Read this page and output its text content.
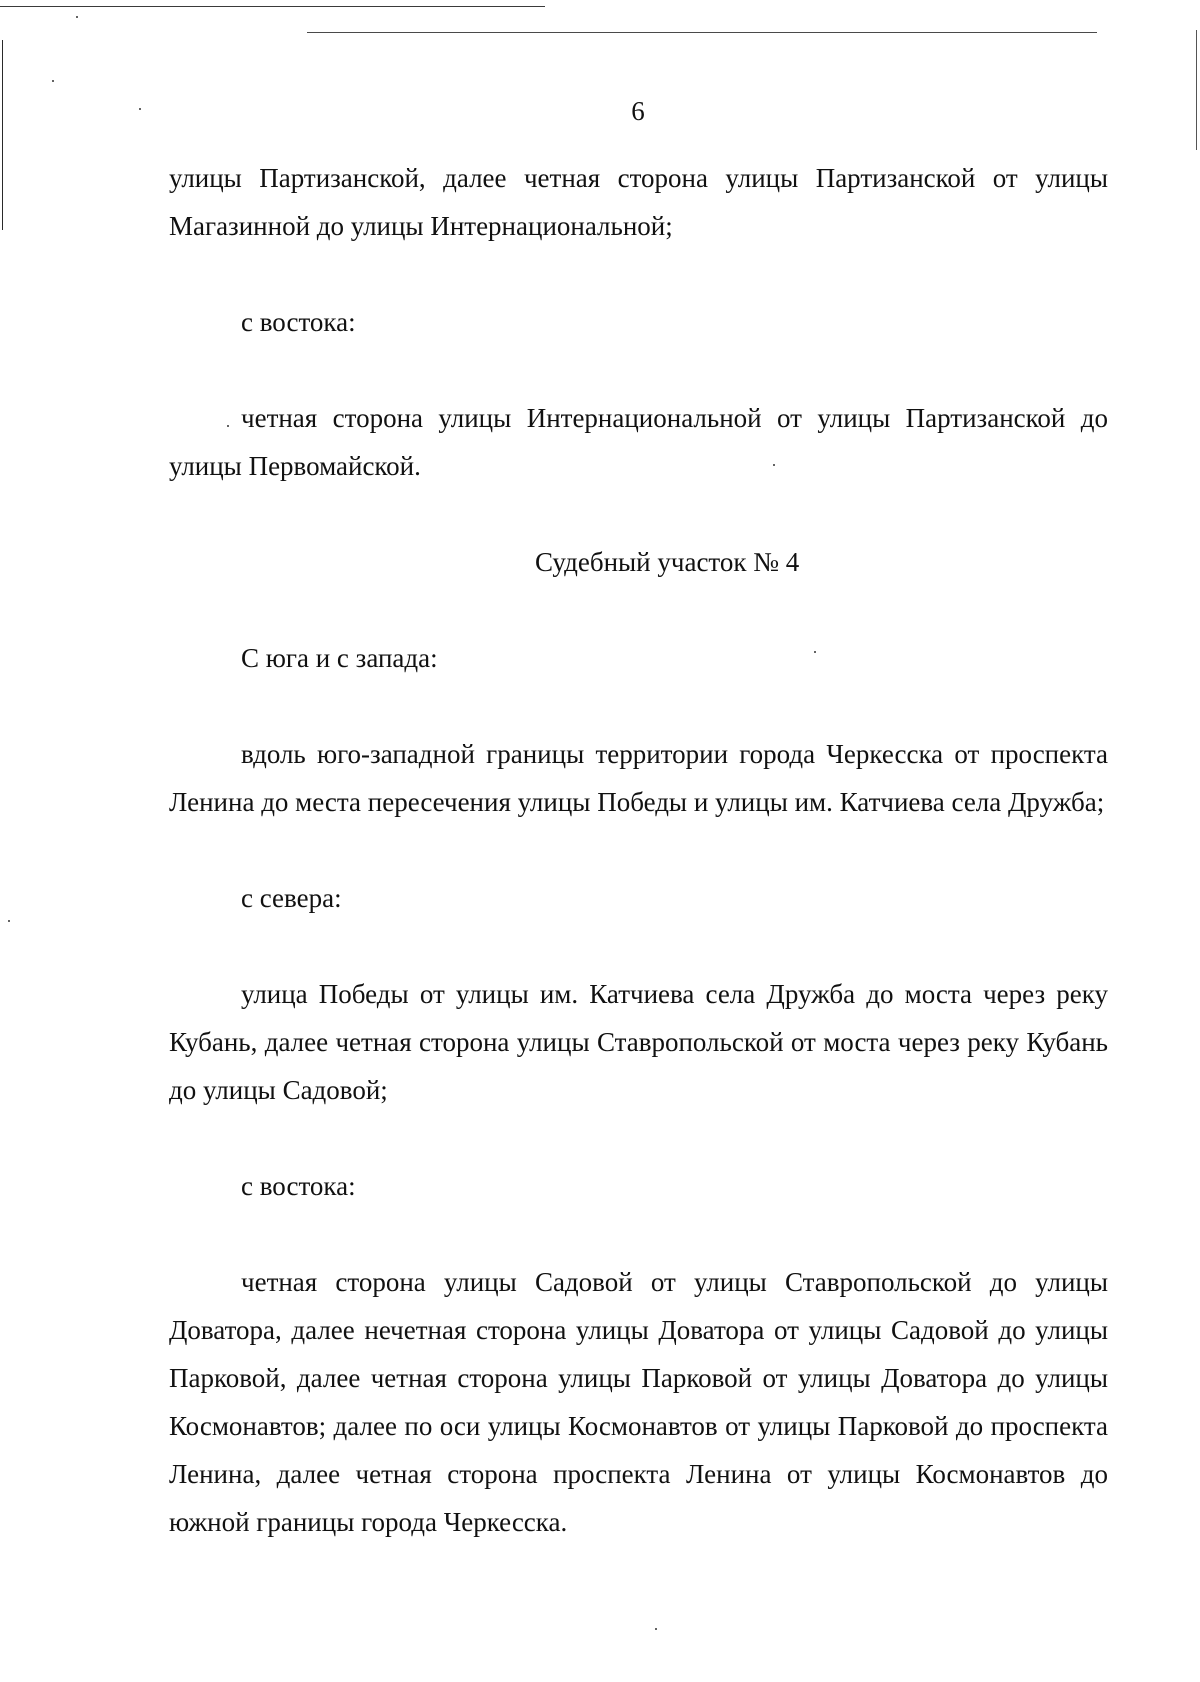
6

улицы Партизанской, далее четная сторона улицы Партизанской от улицы Магазинной до улицы Интернациональной;

с востока:

четная сторона улицы Интернациональной от улицы Партизанской до улицы Первомайской.

Судебный участок № 4

С юга и с запада:

вдоль юго-западной границы территории города Черкесска от проспекта Ленина до места пересечения улицы Победы и улицы им. Катчиева села Дружба;

с севера:

улица Победы от улицы им. Катчиева села Дружба до моста через реку Кубань, далее четная сторона улицы Ставропольской от моста через реку Кубань до улицы Садовой;

с востока:

четная сторона улицы Садовой от улицы Ставропольской до улицы Доватора, далее нечетная сторона улицы Доватора от улицы Садовой до улицы Парковой, далее четная сторона улицы Парковой от улицы Доватора до улицы Космонавтов; далее по оси улицы Космонавтов от улицы Парковой до проспекта Ленина, далее четная сторона проспекта Ленина от улицы Космонавтов до южной границы города Черкесска.
